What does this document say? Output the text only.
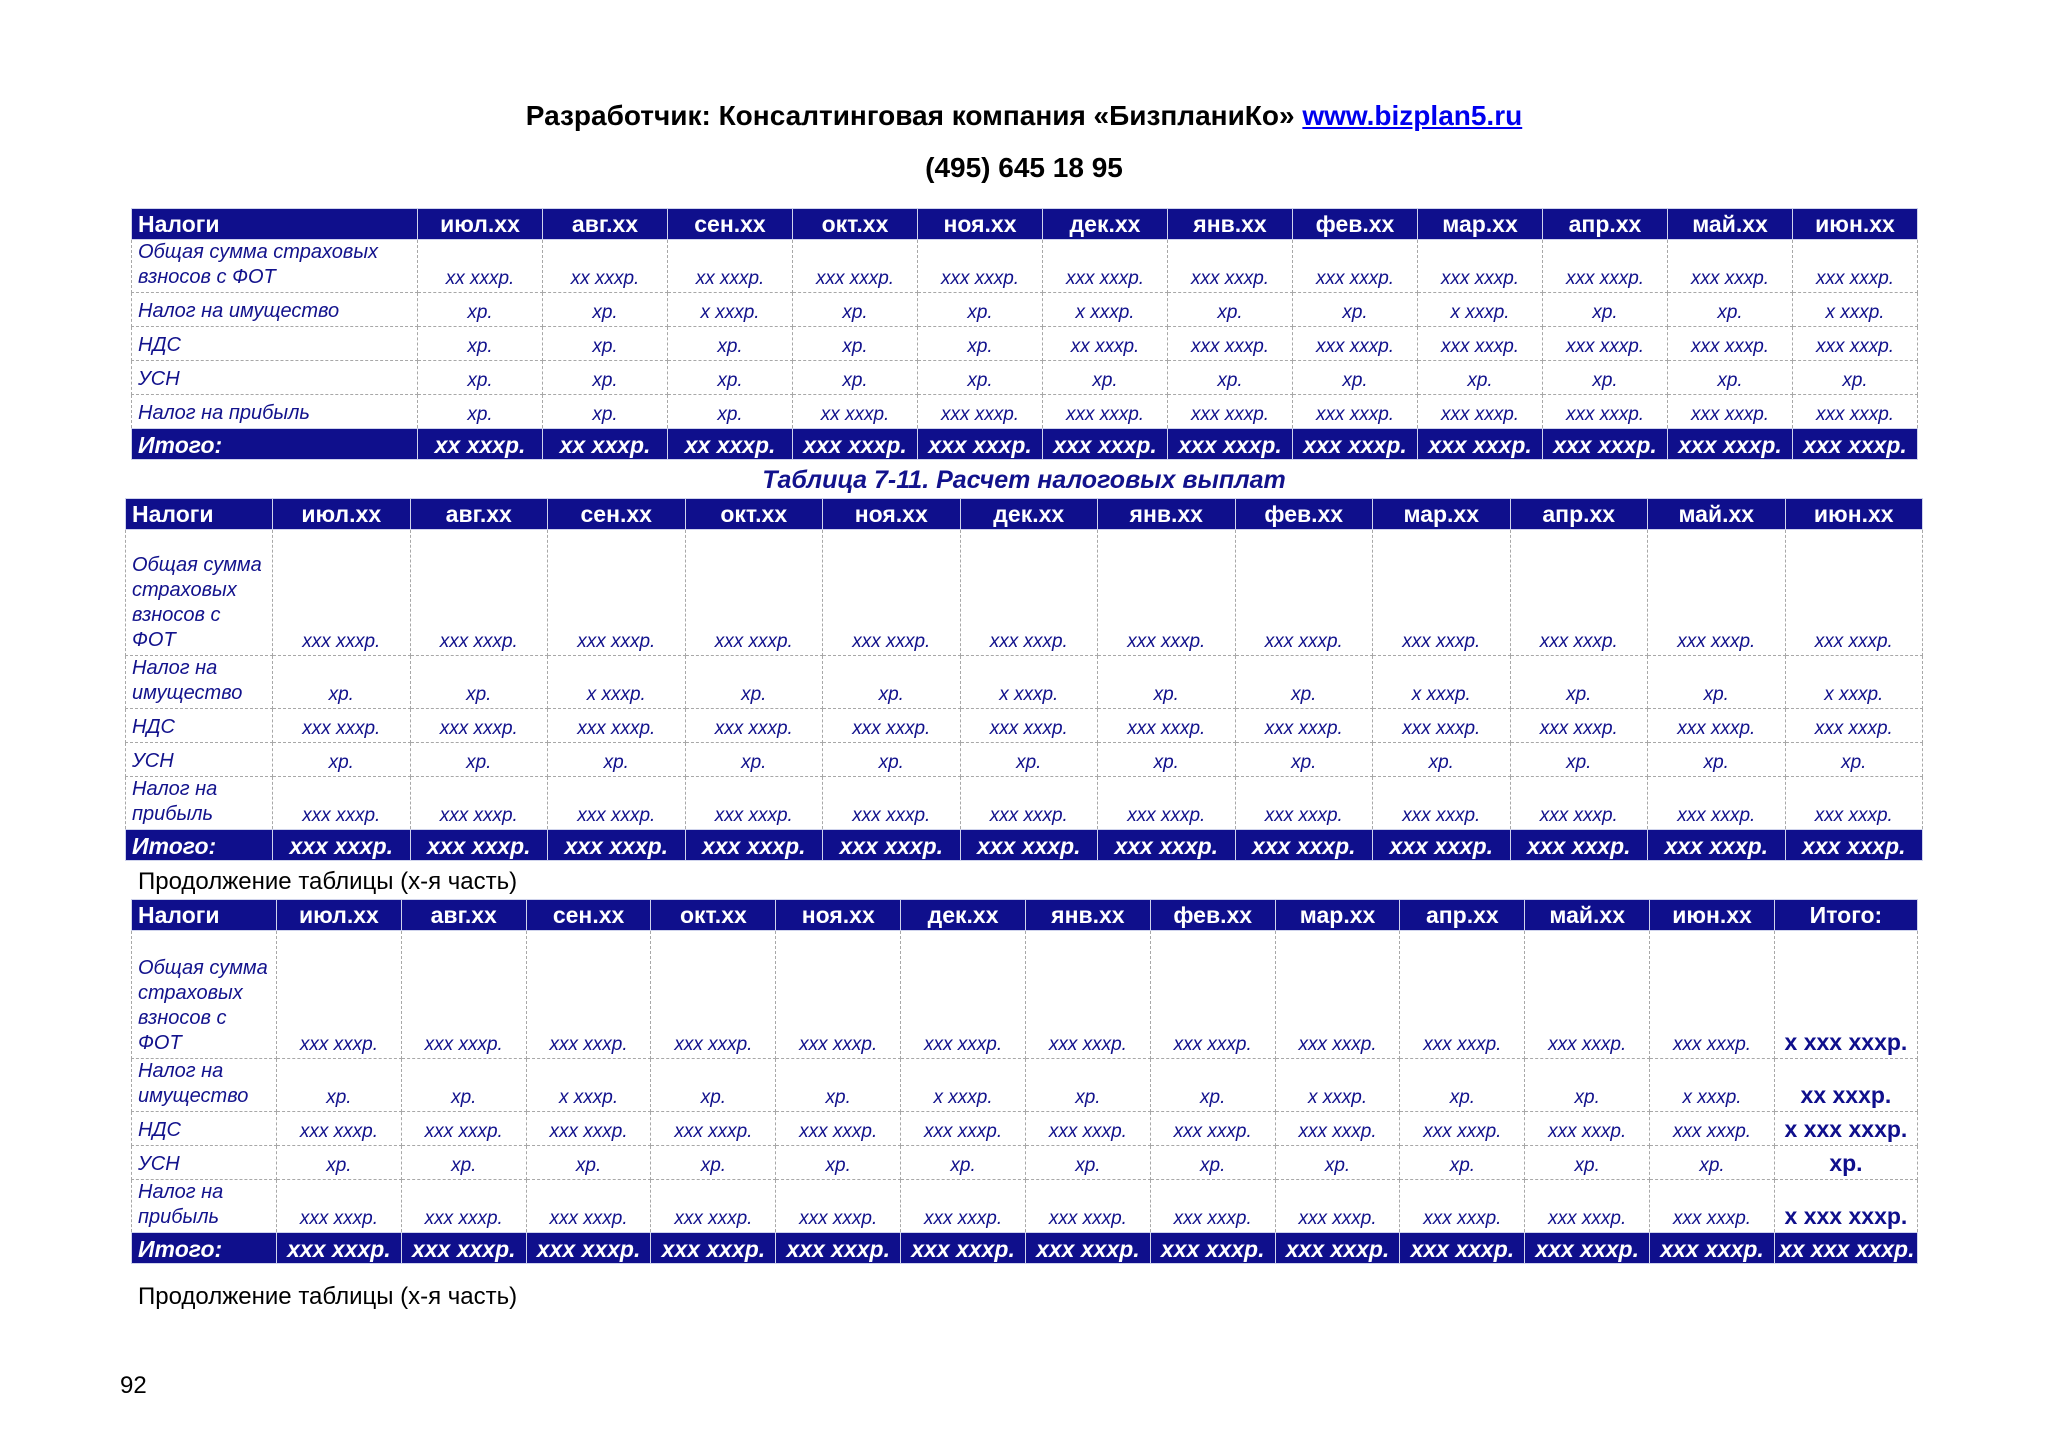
Разработчик: Консалтинговая компания «БизпланиКо» www.bizplan5.ru
(495) 645 18 95
Налоги	июл.xx	авг.xx	сен.xx	окт.xx	ноя.xx	дек.xx	янв.xx	фев.xx	мар.xx	апр.xx	май.xx	июн.xx
Общая сумма страховых взносов с ФОТ	xx xxxp.	xx xxxp.	xx xxxp.	xxx xxxp.	xxx xxxp.	xxx xxxp.	xxx xxxp.	xxx xxxp.	xxx xxxp.	xxx xxxp.	xxx xxxp.	xxx xxxp.
Налог на имущество	xp.	xp.	x xxxp.	xp.	xp.	x xxxp.	xp.	xp.	x xxxp.	xp.	xp.	x xxxp.
НДС	xp.	xp.	xp.	xp.	xp.	xx xxxp.	xxx xxxp.	xxx xxxp.	xxx xxxp.	xxx xxxp.	xxx xxxp.	xxx xxxp.
УСН	xp.	xp.	xp.	xp.	xp.	xp.	xp.	xp.	xp.	xp.	xp.	xp.
Налог на прибыль	xp.	xp.	xp.	xx xxxp.	xxx xxxp.	xxx xxxp.	xxx xxxp.	xxx xxxp.	xxx xxxp.	xxx xxxp.	xxx xxxp.	xxx xxxp.
Итого:	xx xxxp.	xx xxxp.	xx xxxp.	xxx xxxp.	xxx xxxp.	xxx xxxp.	xxx xxxp.	xxx xxxp.	xxx xxxp.	xxx xxxp.	xxx xxxp.	xxx xxxp.
Таблица 7-11. Расчет налоговых выплат
Налоги	июл.xx	авг.xx	сен.xx	окт.xx	ноя.xx	дек.xx	янв.xx	фев.xx	мар.xx	апр.xx	май.xx	июн.xx
Общая сумма страховых взносов с ФОТ	xxx xxxp.	xxx xxxp.	xxx xxxp.	xxx xxxp.	xxx xxxp.	xxx xxxp.	xxx xxxp.	xxx xxxp.	xxx xxxp.	xxx xxxp.	xxx xxxp.	xxx xxxp.
Налог на имущество	xp.	xp.	x xxxp.	xp.	xp.	x xxxp.	xp.	xp.	x xxxp.	xp.	xp.	x xxxp.
НДС	xxx xxxp.	xxx xxxp.	xxx xxxp.	xxx xxxp.	xxx xxxp.	xxx xxxp.	xxx xxxp.	xxx xxxp.	xxx xxxp.	xxx xxxp.	xxx xxxp.	xxx xxxp.
УСН	xp.	xp.	xp.	xp.	xp.	xp.	xp.	xp.	xp.	xp.	xp.	xp.
Налог на прибыль	xxx xxxp.	xxx xxxp.	xxx xxxp.	xxx xxxp.	xxx xxxp.	xxx xxxp.	xxx xxxp.	xxx xxxp.	xxx xxxp.	xxx xxxp.	xxx xxxp.	xxx xxxp.
Итого:	xxx xxxp.	xxx xxxp.	xxx xxxp.	xxx xxxp.	xxx xxxp.	xxx xxxp.	xxx xxxp.	xxx xxxp.	xxx xxxp.	xxx xxxp.	xxx xxxp.	xxx xxxp.
Продолжение таблицы (х-я часть)
Налоги	июл.xx	авг.xx	сен.xx	окт.xx	ноя.xx	дек.xx	янв.xx	фев.xx	мар.xx	апр.xx	май.xx	июн.xx	Итого:
Общая сумма страховых взносов с ФОТ	xxx xxxp.	xxx xxxp.	xxx xxxp.	xxx xxxp.	xxx xxxp.	xxx xxxp.	xxx xxxp.	xxx xxxp.	xxx xxxp.	xxx xxxp.	xxx xxxp.	xxx xxxp.	x xxx xxxp.
Налог на имущество	xp.	xp.	x xxxp.	xp.	xp.	x xxxp.	xp.	xp.	x xxxp.	xp.	xp.	x xxxp.	xx xxxp.
НДС	xxx xxxp.	xxx xxxp.	xxx xxxp.	xxx xxxp.	xxx xxxp.	xxx xxxp.	xxx xxxp.	xxx xxxp.	xxx xxxp.	xxx xxxp.	xxx xxxp.	xxx xxxp.	x xxx xxxp.
УСН	xp.	xp.	xp.	xp.	xp.	xp.	xp.	xp.	xp.	xp.	xp.	xp.	xp.
Налог на прибыль	xxx xxxp.	xxx xxxp.	xxx xxxp.	xxx xxxp.	xxx xxxp.	xxx xxxp.	xxx xxxp.	xxx xxxp.	xxx xxxp.	xxx xxxp.	xxx xxxp.	xxx xxxp.	x xxx xxxp.
Итого:	xxx xxxp.	xxx xxxp.	xxx xxxp.	xxx xxxp.	xxx xxxp.	xxx xxxp.	xxx xxxp.	xxx xxxp.	xxx xxxp.	xxx xxxp.	xxx xxxp.	xxx xxxp.	xx xxx xxxp.
Продолжение таблицы (х-я часть)
92
